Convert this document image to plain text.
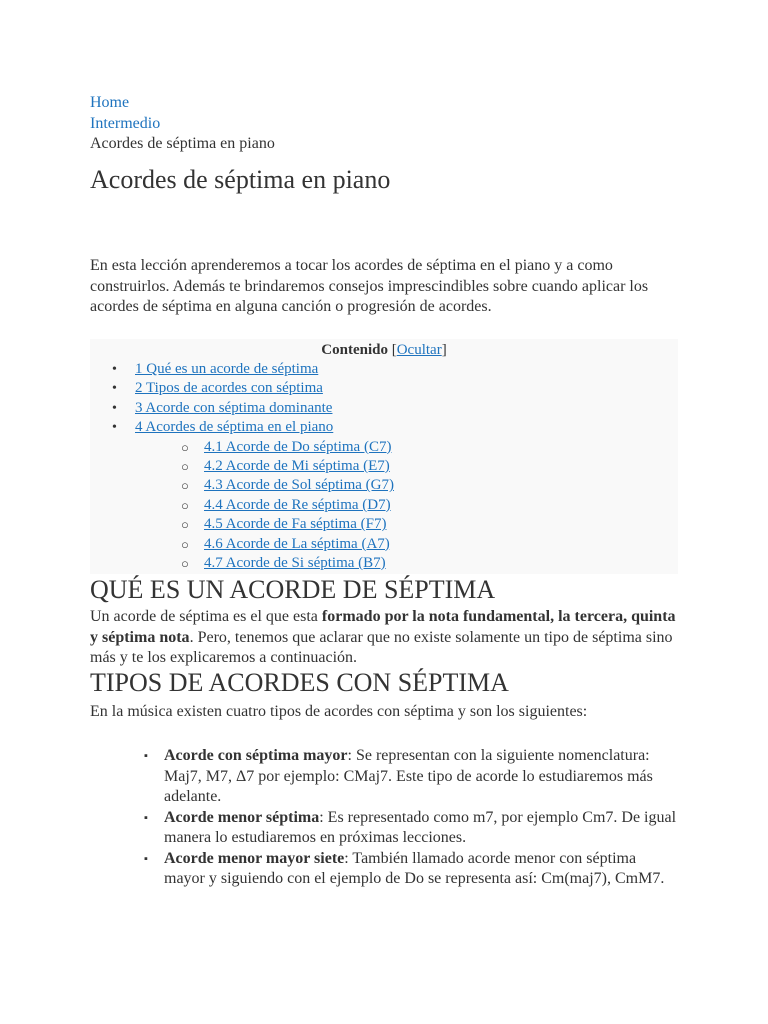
Home
Intermedio
Acordes de séptima en piano
Acordes de séptima en piano

En esta lección aprenderemos a tocar los acordes de séptima en el piano y a como construirlos. Además te brindaremos consejos imprescindibles sobre cuando aplicar los acordes de séptima en alguna canción o progresión de acordes.

Contenido [Ocultar]
• 1 Qué es un acorde de séptima
• 2 Tipos de acordes con séptima
• 3 Acorde con séptima dominante
• 4 Acordes de séptima en el piano
○ 4.1 Acorde de Do séptima (C7)
○ 4.2 Acorde de Mi séptima (E7)
○ 4.3 Acorde de Sol séptima (G7)
○ 4.4 Acorde de Re séptima (D7)
○ 4.5 Acorde de Fa séptima (F7)
○ 4.6 Acorde de La séptima (A7)
○ 4.7 Acorde de Si séptima (B7)
QUÉ ES UN ACORDE DE SÉPTIMA

Un acorde de séptima es el que esta formado por la nota fundamental, la tercera, quinta y séptima nota. Pero, tenemos que aclarar que no existe solamente un tipo de séptima sino más y te los explicaremos a continuación.

TIPOS DE ACORDES CON SÉPTIMA

En la música existen cuatro tipos de acordes con séptima y son los siguientes:

▪ Acorde con séptima mayor: Se representan con la siguiente nomenclatura: Maj7, M7, Δ7 por ejemplo: CMaj7. Este tipo de acorde lo estudiaremos más adelante.
▪ Acorde menor séptima: Es representado como m7, por ejemplo Cm7. De igual manera lo estudiaremos en próximas lecciones.
▪ Acorde menor mayor siete: También llamado acorde menor con séptima mayor y siguiendo con el ejemplo de Do se representa así: Cm(maj7), CmM7.
